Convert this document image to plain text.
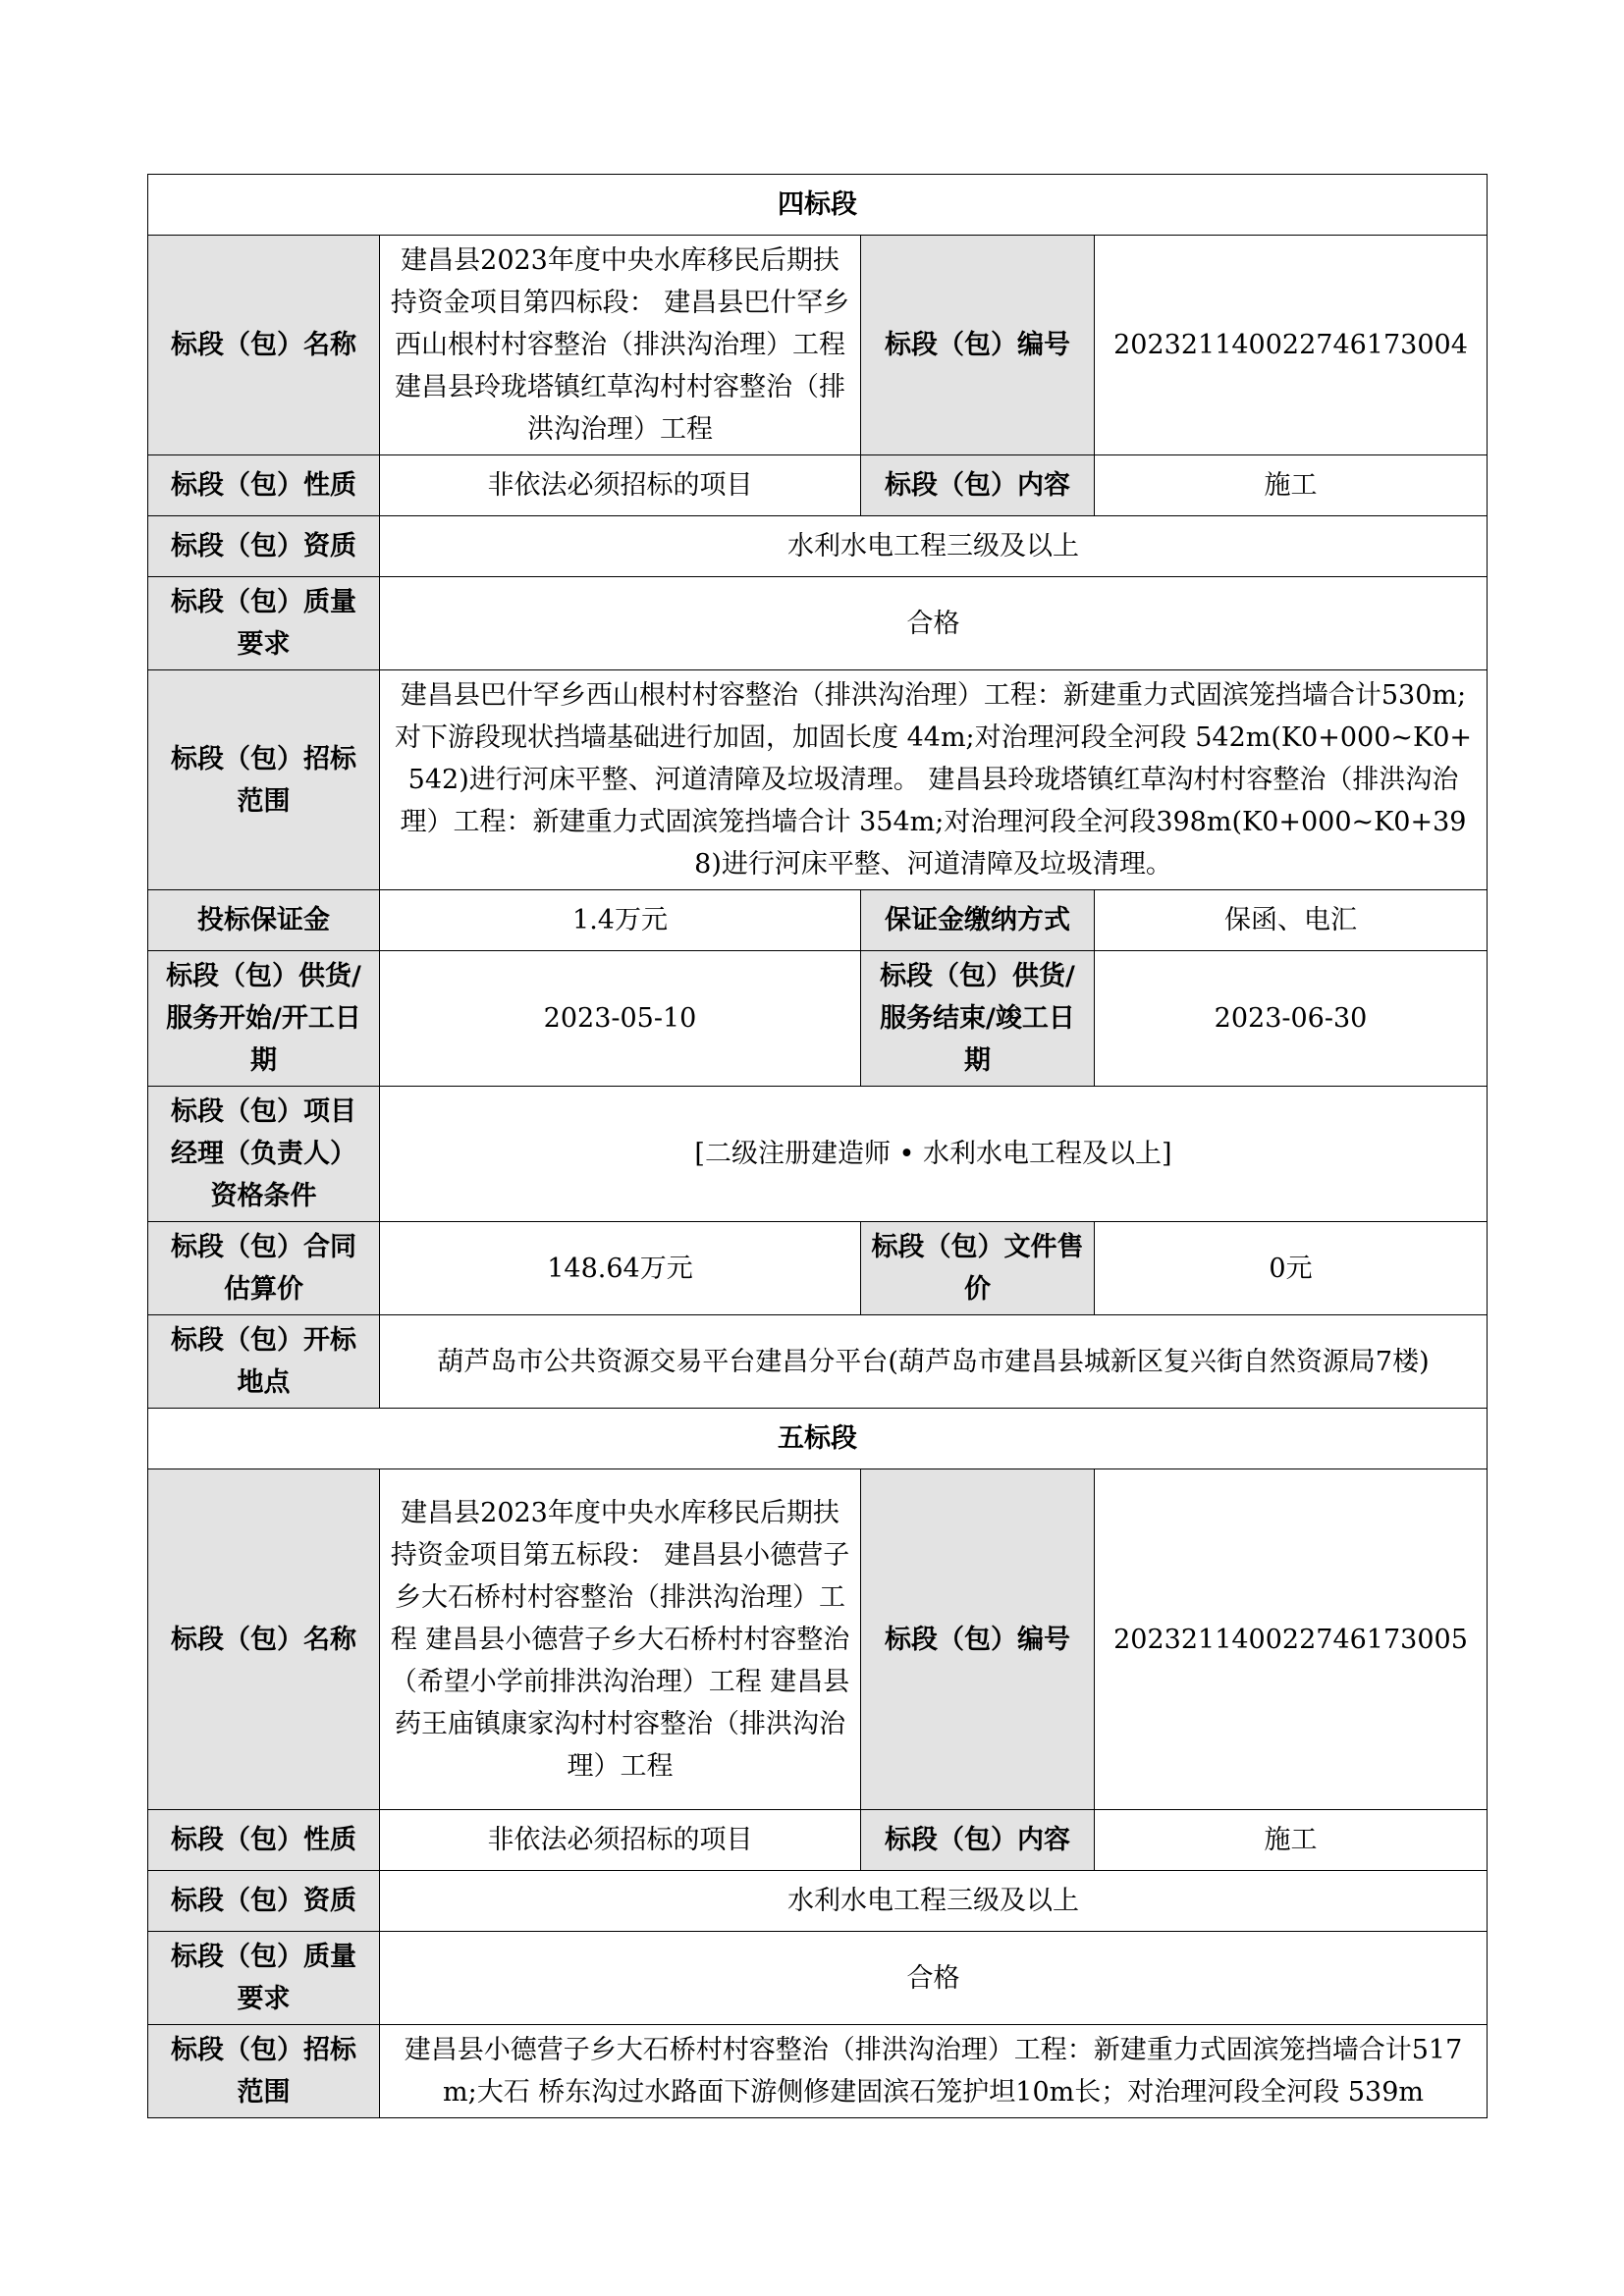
四标段			
标段（包）名称	建昌县2023年度中央水库移民后期扶持资金项目第四标段： 建昌县巴什罕乡西山根村村容整治（排洪沟治理）工程 建昌县玲珑塔镇红草沟村村容整治（排洪沟治理）工程	标段（包）编号	20232114002274617300​4
标段（包）性质	非依法必须招标的项目	标段（包）内容	施工
标段（包）资质	水利水电工程三级及以上		
标段（包）质量要求	合格		
标段（包）招标范围	建昌县巴什罕乡西山根村村容整治（排洪沟治理）工程：新建重力式固滨笼挡墙合计530m;对下游段现状挡墙基础进行加固，加固长度 44m;对治理河段全河段 542m(K0+000~K0+542)进行河床平整、河道清障及垃圾清理。 建昌县玲珑塔镇红草沟村村容整治（排洪沟治理）工程：新建重力式固滨笼挡墙合计 354m;对治理河段全河段398m(K0+000~K0+398)进行河床平整、河道清障及垃圾清理。		
投标保证金	1.4万元	保证金缴纳方式	保函、电汇
标段（包）供货/服务开始/开工日期	2023-05-10	标段（包）供货/服务结束/竣工日期	2023-06-30
标段（包）项目经理（负责人）资格条件	[二级注册建造师 • 水利水电工程及以上]		
标段（包）合同估算价	148.64万元	标段（包）文件售价	0元
标段（包）开标地点	葫芦岛市公共资源交易平台建昌分平台(葫芦岛市建昌县城新区复兴街自然资源局7楼)		
五标段			
标段（包）名称	建昌县2023年度中央水库移民后期扶持资金项目第五标段： 建昌县小德营子乡大石桥村村容整治（排洪沟治理）工程 建昌县小德营子乡大石桥村村容整治（希望小学前排洪沟治理）工程 建昌县药王庙镇康家沟村村容整治（排洪沟治理）工程	标段（包）编号	202321140022746173005
标段（包）性质	非依法必须招标的项目	标段（包）内容	施工
标段（包）资质	水利水电工程三级及以上		
标段（包）质量要求	合格		
标段（包）招标范围	建昌县小德营子乡大石桥村村容整治（排洪沟治理）工程：新建重力式固滨笼挡墙合计517m;大石 桥东沟过水路面下游侧修建固滨石笼护坦10m长；对治理河段全河段 539m		
